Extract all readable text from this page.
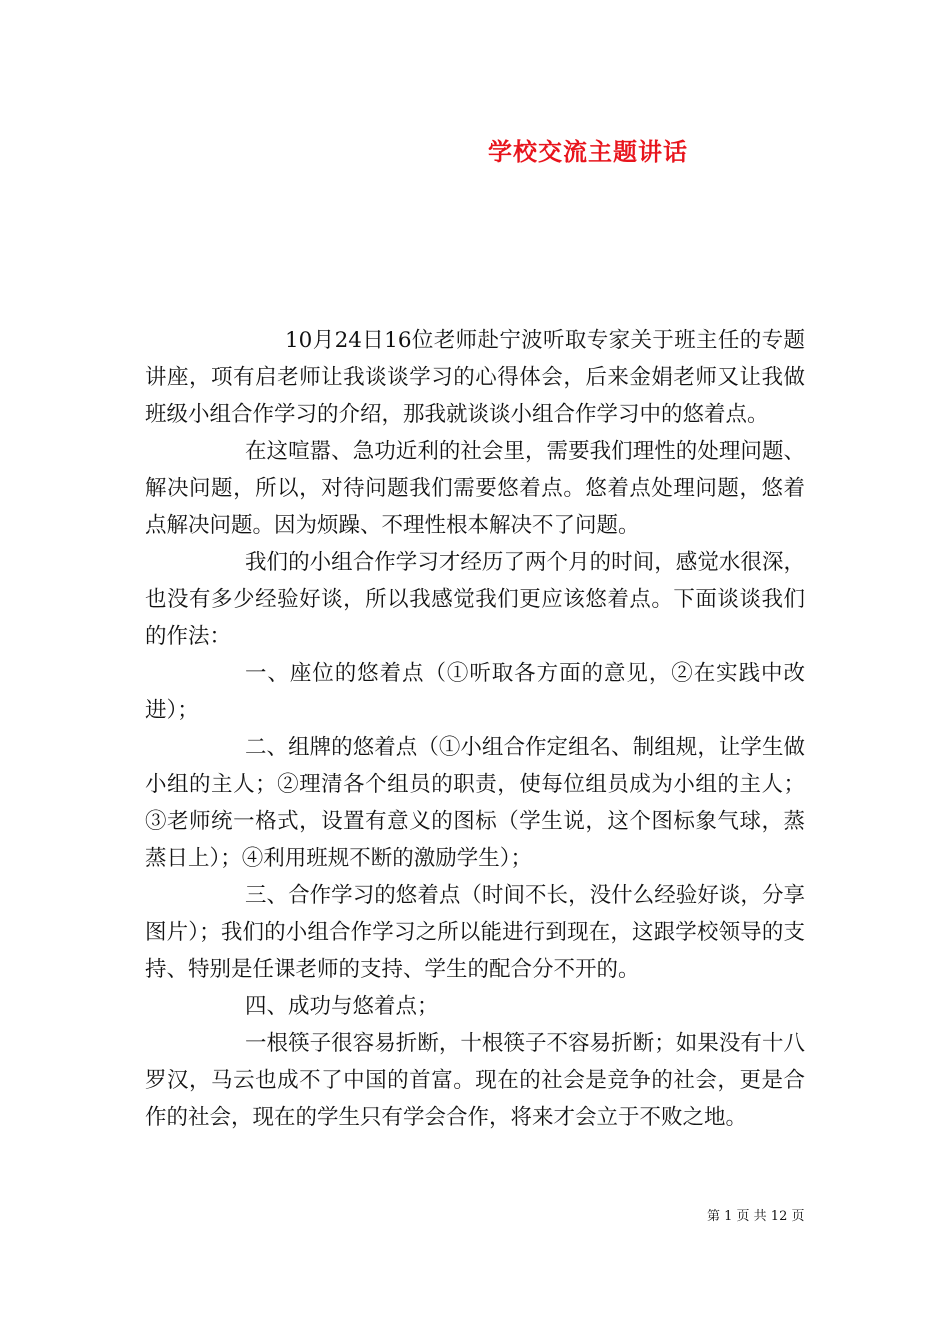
学校交流主题讲话

10月24日16位老师赴宁波听取专家关于班主任的专题讲座，项有启老师让我谈谈学习的心得体会，后来金娟老师又让我做班级小组合作学习的介绍，那我就谈谈小组合作学习中的悠着点。

在这喧嚣、急功近利的社会里，需要我们理性的处理问题、解决问题，所以，对待问题我们需要悠着点。悠着点处理问题，悠着点解决问题。因为烦躁、不理性根本解决不了问题。

我们的小组合作学习才经历了两个月的时间，感觉水很深，也没有多少经验好谈，所以我感觉我们更应该悠着点。下面谈谈我们的作法：

一、座位的悠着点（①听取各方面的意见，②在实践中改进）；

二、组牌的悠着点（①小组合作定组名、制组规，让学生做小组的主人；②理清各个组员的职责，使每位组员成为小组的主人；③老师统一格式，设置有意义的图标（学生说，这个图标象气球，蒸蒸日上）；④利用班规不断的激励学生）；

三、合作学习的悠着点（时间不长，没什么经验好谈，分享图片）；我们的小组合作学习之所以能进行到现在，这跟学校领导的支持、特别是任课老师的支持、学生的配合分不开的。

四、成功与悠着点；

一根筷子很容易折断，十根筷子不容易折断；如果没有十八罗汉，马云也成不了中国的首富。现在的社会是竞争的社会，更是合作的社会，现在的学生只有学会合作，将来才会立于不败之地。

第 1 页 共 12 页
